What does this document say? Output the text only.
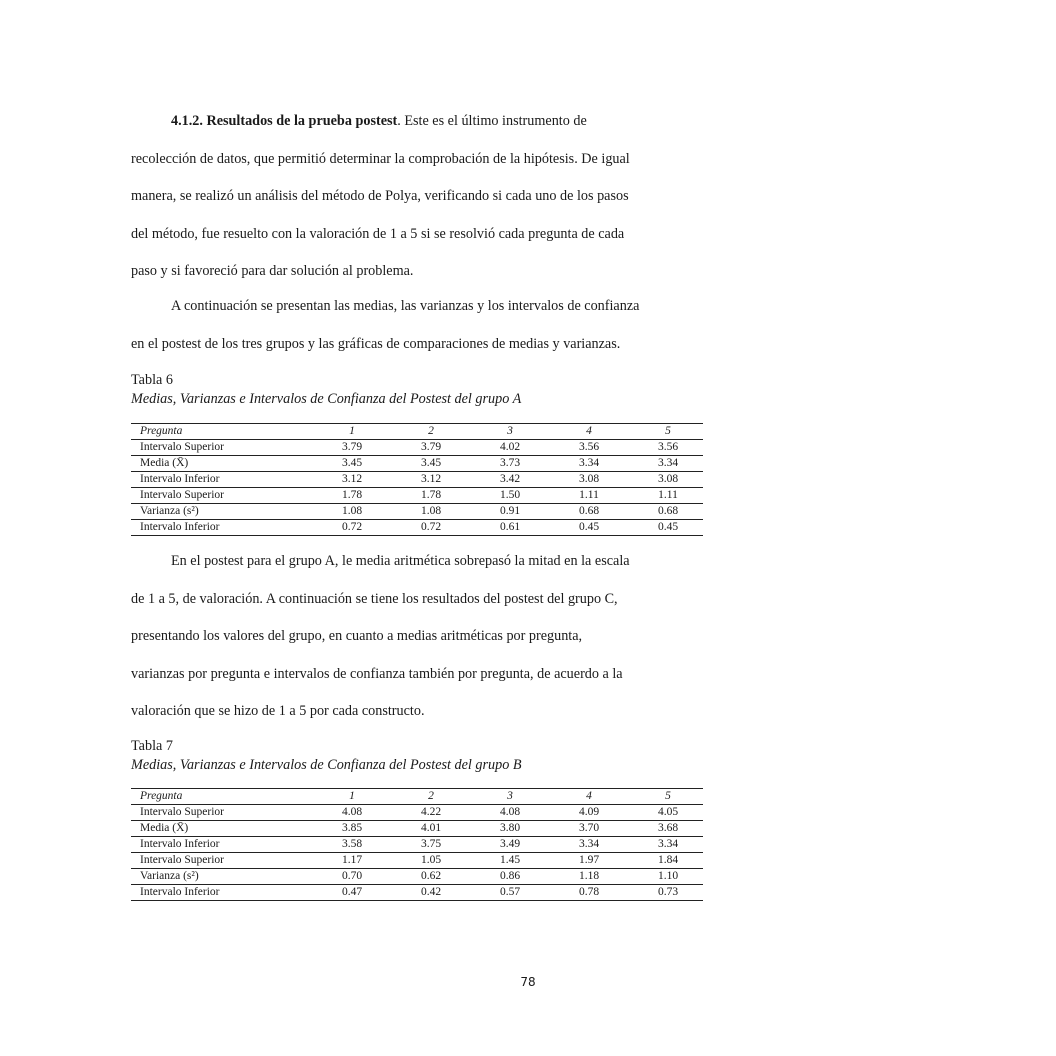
4.1.2. Resultados de la prueba postest. Este es el último instrumento de
recolección de datos, que permitió determinar la comprobación de la hipótesis. De igual
manera, se realizó un análisis del método de Polya, verificando si cada uno de los pasos
del método, fue resuelto con la valoración de 1 a 5 si se resolvió cada pregunta de cada
paso y si favoreció para dar solución al problema.

A continuación se presentan las medias, las varianzas y los intervalos de confianza
en el postest de los tres grupos y las gráficas de comparaciones de medias y varianzas.

Tabla 6
Medias, Varianzas e Intervalos de Confianza del Postest del grupo A
Pregunta	1	2	3	4	5
Intervalo Superior	3.79	3.79	4.02	3.56	3.56
Media (X̄)	3.45	3.45	3.73	3.34	3.34
Intervalo Inferior	3.12	3.12	3.42	3.08	3.08
Intervalo Superior	1.78	1.78	1.50	1.11	1.11
Varianza (s²)	1.08	1.08	0.91	0.68	0.68
Intervalo Inferior	0.72	0.72	0.61	0.45	0.45

En el postest para el grupo A, le media aritmética sobrepasó la mitad en la escala
de 1 a 5, de valoración. A continuación se tiene los resultados del postest del grupo C,
presentando los valores del grupo, en cuanto a medias aritméticas por pregunta,
varianzas por pregunta e intervalos de confianza también por pregunta, de acuerdo a la
valoración que se hizo de 1 a 5 por cada constructo.

Tabla 7
Medias, Varianzas e Intervalos de Confianza del Postest del grupo B
Pregunta	1	2	3	4	5
Intervalo Superior	4.08	4.22	4.08	4.09	4.05
Media (X̄)	3.85	4.01	3.80	3.70	3.68
Intervalo Inferior	3.58	3.75	3.49	3.34	3.34
Intervalo Superior	1.17	1.05	1.45	1.97	1.84
Varianza (s²)	0.70	0.62	0.86	1.18	1.10
Intervalo Inferior	0.47	0.42	0.57	0.78	0.73
78
